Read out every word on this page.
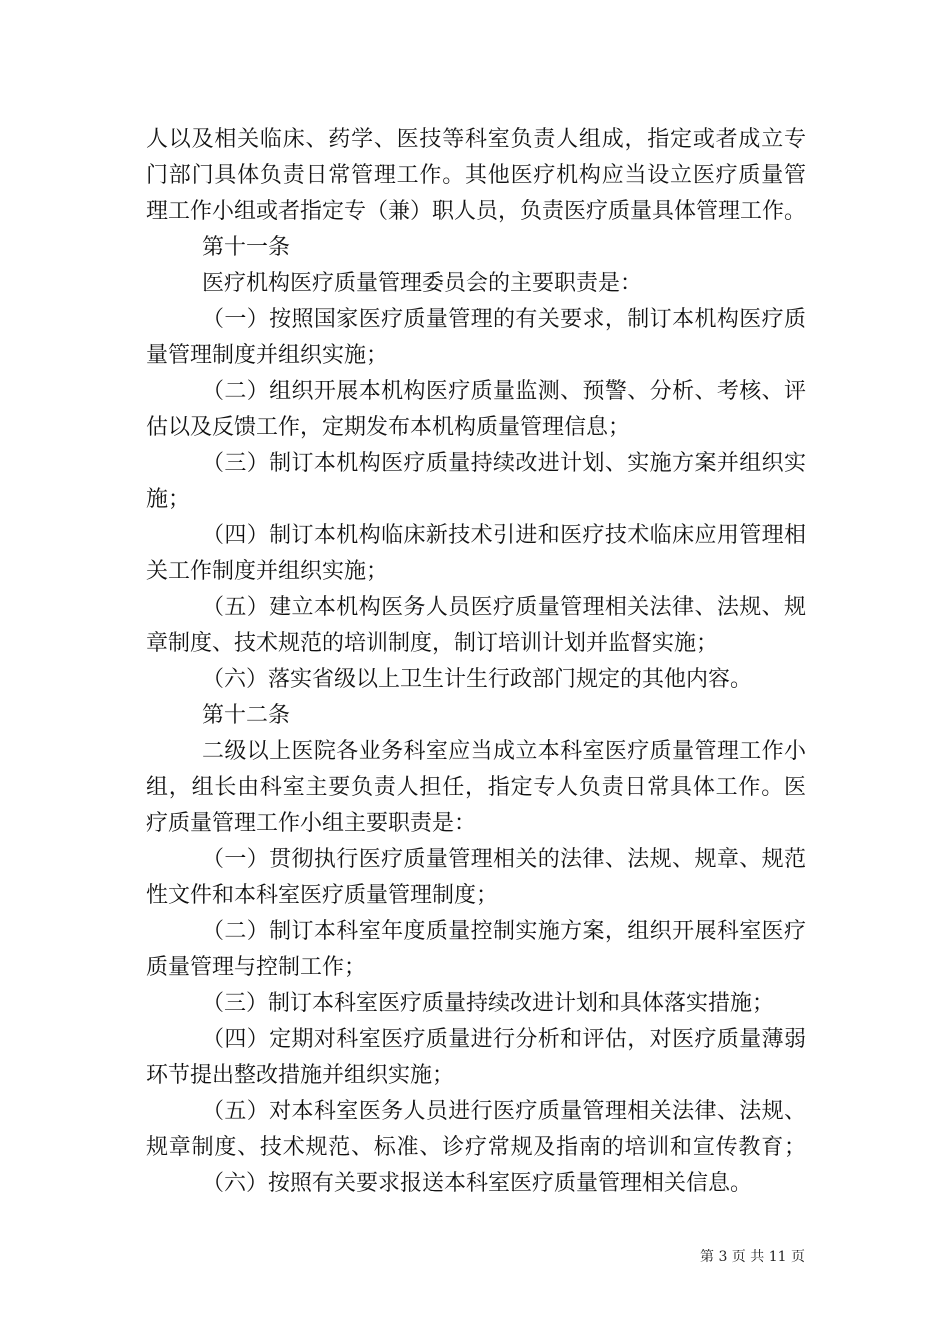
人以及相关临床、药学、医技等科室负责人组成，指定或者成立专
门部门具体负责日常管理工作。其他医疗机构应当设立医疗质量管
理工作小组或者指定专（兼）职人员，负责医疗质量具体管理工作。
第十一条
医疗机构医疗质量管理委员会的主要职责是：
（一）按照国家医疗质量管理的有关要求，制订本机构医疗质
量管理制度并组织实施；
（二）组织开展本机构医疗质量监测、预警、分析、考核、评
估以及反馈工作，定期发布本机构质量管理信息；
（三）制订本机构医疗质量持续改进计划、实施方案并组织实
施；
（四）制订本机构临床新技术引进和医疗技术临床应用管理相
关工作制度并组织实施；
（五）建立本机构医务人员医疗质量管理相关法律、法规、规
章制度、技术规范的培训制度，制订培训计划并监督实施；
（六）落实省级以上卫生计生行政部门规定的其他内容。
第十二条
二级以上医院各业务科室应当成立本科室医疗质量管理工作小
组，组长由科室主要负责人担任，指定专人负责日常具体工作。医
疗质量管理工作小组主要职责是：
（一）贯彻执行医疗质量管理相关的法律、法规、规章、规范
性文件和本科室医疗质量管理制度；
（二）制订本科室年度质量控制实施方案，组织开展科室医疗
质量管理与控制工作；
（三）制订本科室医疗质量持续改进计划和具体落实措施；
（四）定期对科室医疗质量进行分析和评估，对医疗质量薄弱
环节提出整改措施并组织实施；
（五）对本科室医务人员进行医疗质量管理相关法律、法规、
规章制度、技术规范、标准、诊疗常规及指南的培训和宣传教育；
（六）按照有关要求报送本科室医疗质量管理相关信息。
第 3 页 共 11 页
